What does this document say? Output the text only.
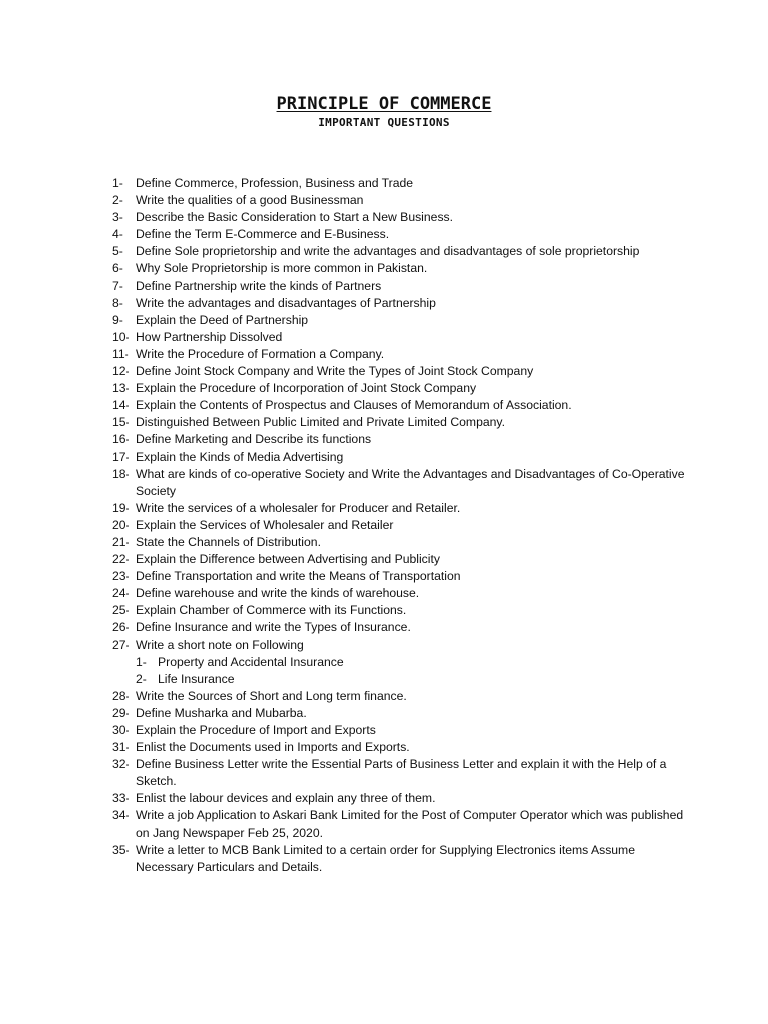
PRINCIPLE OF COMMERCE
IMPORTANT QUESTIONS
1-	Define Commerce, Profession, Business and Trade
2-	Write the qualities of a good Businessman
3-	Describe the Basic Consideration to Start a New Business.
4-	Define the Term E-Commerce and E-Business.
5-	Define Sole proprietorship and write the advantages and disadvantages of sole proprietorship
6-	Why Sole Proprietorship is more common in Pakistan.
7-	Define Partnership write the kinds of Partners
8-	Write the advantages and disadvantages of Partnership
9-	Explain the Deed of Partnership
10- How Partnership Dissolved
11- Write the Procedure of Formation a Company.
12- Define Joint Stock Company and Write the Types of Joint Stock Company
13- Explain the Procedure of Incorporation of Joint Stock Company
14- Explain the Contents of Prospectus and Clauses of Memorandum of Association.
15- Distinguished Between Public Limited and Private Limited Company.
16- Define Marketing and Describe its functions
17- Explain the Kinds of Media Advertising
18- What are kinds of co-operative Society and Write the Advantages and Disadvantages of Co-Operative Society
19- Write the services of a wholesaler for Producer and Retailer.
20- Explain the Services of Wholesaler and Retailer
21- State the Channels of Distribution.
22- Explain the Difference between Advertising and Publicity
23- Define Transportation and write the Means of Transportation
24- Define warehouse and write the kinds of warehouse.
25- Explain Chamber of Commerce with its Functions.
26- Define Insurance and write the Types of Insurance.
27- Write a short note on Following
1- Property and Accidental Insurance
2- Life Insurance
28- Write the Sources of Short and Long term finance.
29- Define Musharka and Mubarba.
30- Explain the Procedure of Import and Exports
31- Enlist the Documents used in Imports and Exports.
32- Define Business Letter write the Essential Parts of Business Letter and explain it with the Help of a Sketch.
33- Enlist the labour devices and explain any three of them.
34- Write a job Application to Askari Bank Limited for the Post of Computer Operator which was published on Jang Newspaper Feb 25, 2020.
35- Write a letter to MCB Bank Limited to a certain order for Supplying Electronics items Assume Necessary Particulars and Details.
